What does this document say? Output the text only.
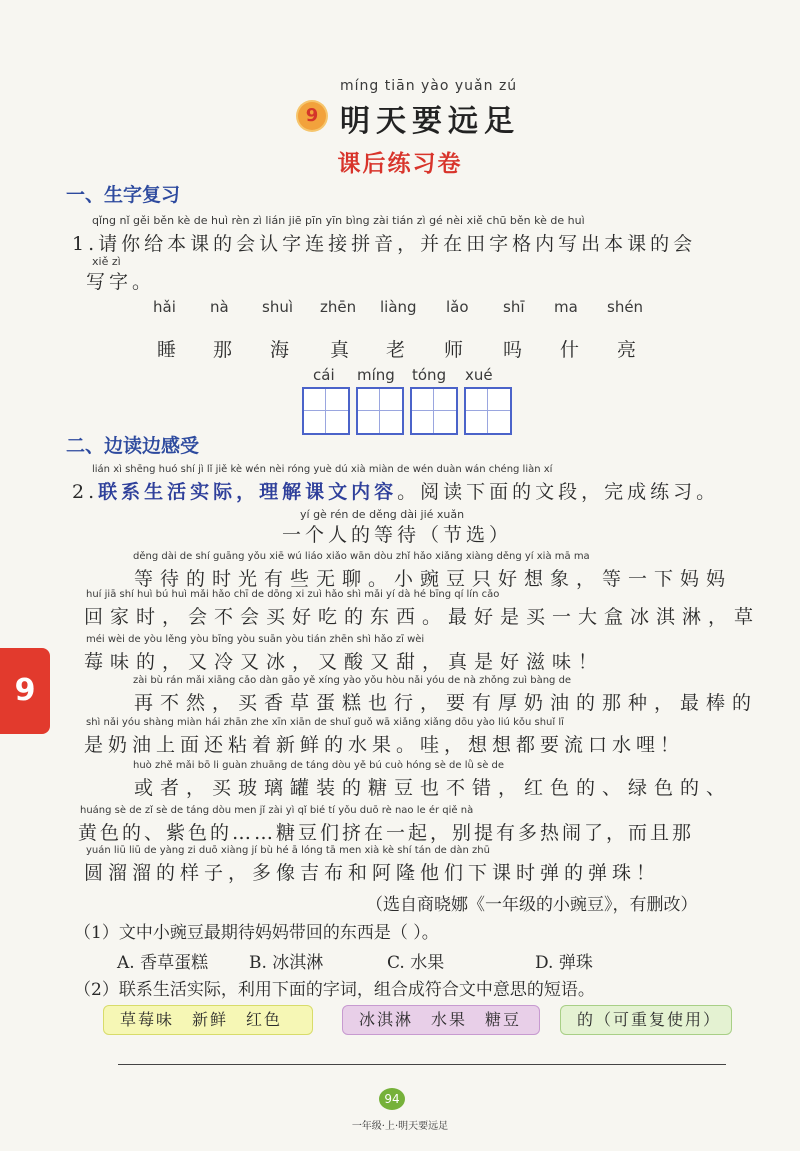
míng tiān yào yuǎn zú
9 明天要远足
课后练习卷
一、生字复习
qǐng nǐ gěi běn kè de huì rèn zì lián jiē pīn yīn bìng zài tián zì gé nèi xiě chū běn kè de huì
1.请你给本课的会认字连接拼音，并在田字格内写出本课的会
xiě zì
写字。
hǎi nà shuì zhēn liàng lǎo shī ma shén
睡 那 海 真 老 师 吗 什 亮
cái míng tóng xué
二、边读边感受
lián xì shēng huó shí jì lǐ jiě kè wén nèi róng yuè dú xià miàn de wén duàn wán chéng liàn xí
2.联系生活实际，理解课文内容。阅读下面的文段，完成练习。
yí gè rén de děng dài jié xuǎn
一个人的等待（节选）
děng dài de shí guāng yǒu xiē wú liáo xiǎo wān dòu zhǐ hǎo xiǎng xiàng děng yí xià mā ma
等待的时光有些无聊。小豌豆只好想象，等一下妈妈
huí jiā shí huì bú huì mǎi hǎo chī de dōng xi zuì hǎo shì mǎi yí dà hé bīng qí lín cǎo
回家时，会不会买好吃的东西。最好是买一大盒冰淇淋，草
méi wèi de yòu lěng yòu bīng yòu suān yòu tián zhēn shì hǎo zī wèi
莓味的，又冷又冰，又酸又甜，真是好滋味！
zài bù rán mǎi xiāng cǎo dàn gāo yě xíng yào yǒu hòu nǎi yóu de nà zhǒng zuì bàng de
再不然，买香草蛋糕也行，要有厚奶油的那种，最棒的
shì nǎi yóu shàng miàn hái zhān zhe xīn xiān de shuǐ guǒ wā xiǎng xiǎng dōu yào liú kǒu shuǐ lī
是奶油上面还粘着新鲜的水果。哇，想想都要流口水哩！
huò zhě mǎi bō li guàn zhuāng de táng dòu yě bú cuò hóng sè de lǜ sè de
或者，买玻璃罐装的糖豆也不错，红色的、绿色的、
huáng sè de zǐ sè de táng dòu men jǐ zài yì qǐ bié tí yǒu duō rè nao le ér qiě nà
黄色的、紫色的……糖豆们挤在一起，别提有多热闹了，而且那
yuán liū liū de yàng zi duō xiàng jí bù hé ā lóng tā men xià kè shí tán de dàn zhū
圆溜溜的样子，多像吉布和阿隆他们下课时弹的弹珠！
（选自商晓娜《一年级的小豌豆》，有删改）
（1）文中小豌豆最期待妈妈带回的东西是（ ）。
A. 香草蛋糕 B. 冰淇淋	C. 水果	D. 弹珠
（2）联系生活实际，利用下面的字词，组合成符合文中意思的短语。
草莓味　新鲜　红色	冰淇淋　水果　糖豆	的（可重复使用）
9
94
一年级·上·明天要远足
